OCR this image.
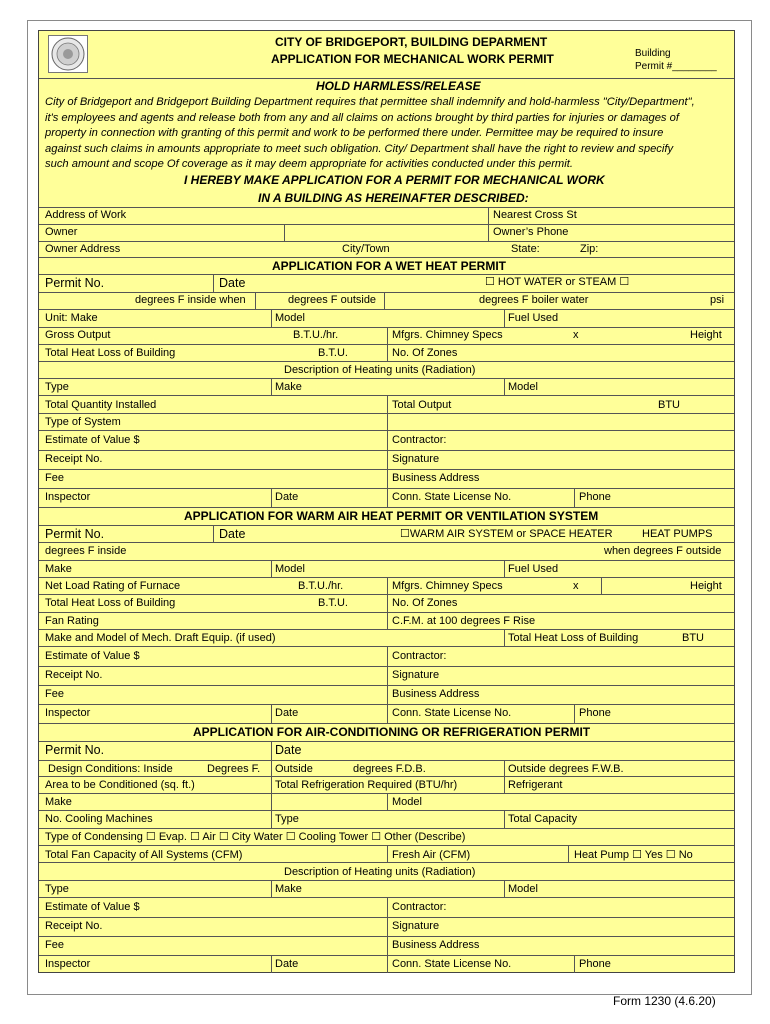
CITY OF BRIDGEPORT, BUILDING DEPARMENT
APPLICATION FOR MECHANICAL WORK PERMIT	Building
Permit #________
HOLD HARMLESS/RELEASE
City of Bridgeport and Bridgeport Building Department requires that permittee shall indemnify and hold-harmless "City/Department",
it's employees and agents and release both from any and all claims on actions brought by third parties for injuries or damages of
property in connection with granting of this permit and work to be performed there under. Permittee may be required to insure
against such claims in amounts appropriate to meet such obligation. City/ Department shall have the right to review and specify
such amount and scope Of coverage as it may deem appropriate for activities conducted under this permit.
I HEREBY MAKE APPLICATION FOR A PERMIT FOR MECHANICAL WORK
IN A BUILDING AS HEREINAFTER DESCRIBED:
Address of Work	Nearest Cross St
Owner	Owner’s Phone
Owner Address	City/Town	State:	Zip:
APPLICATION FOR A WET HEAT PERMIT
Permit No.	Date	☐ HOT WATER or STEAM ☐
degrees F inside when	degrees F outside	degrees F boiler water	psi
Unit: Make	Model	Fuel Used
Gross Output	B.T.U./hr.	Mfgrs. Chimney Specs	x	Height
Total Heat Loss of Building	B.T.U.	No. Of Zones
Description of Heating units (Radiation)
Type	Make	Model
Total Quantity Installed	Total Output	BTU
Type of System
Estimate of Value $	Contractor:
Receipt No.	Signature
Fee	Business Address
Inspector	Date	Conn. State License No.	Phone
APPLICATION FOR WARM AIR HEAT PERMIT OR VENTILATION SYSTEM
Permit No.	Date	☐WARM AIR SYSTEM or SPACE HEATER	HEAT PUMPS
degrees F inside	when degrees F outside
Make	Model	Fuel Used
Net Load Rating of Furnace	B.T.U./hr.	Mfgrs. Chimney Specs	x	Height
Total Heat Loss of Building	B.T.U.	No. Of Zones
Fan Rating	C.F.M. at 100 degrees F Rise
Make and Model of Mech. Draft Equip. (if used)	Total Heat Loss of Building	BTU
Estimate of Value $	Contractor:
Receipt No.	Signature
Fee	Business Address
Inspector	Date	Conn. State License No.	Phone
APPLICATION FOR AIR-CONDITIONING OR REFRIGERATION PERMIT
Permit No.	Date
Design Conditions: Inside	Degrees F. Outside	degrees F.D.B.	Outside degrees F.W.B.
Area to be Conditioned (sq. ft.)	Total Refrigeration Required (BTU/hr)	Refrigerant
Make	Model
No. Cooling Machines	Type	Total Capacity
Type of Condensing ☐ Evap. ☐ Air ☐ City Water ☐ Cooling Tower ☐ Other (Describe)
Total Fan Capacity of All Systems (CFM)	Fresh Air (CFM)	Heat Pump ☐ Yes ☐ No
Description of Heating units (Radiation)
Type	Make	Model
Estimate of Value $	Contractor:
Receipt No.	Signature
Fee	Business Address
Inspector	Date	Conn. State License No.	Phone
Form 1230 (4.6.20)
